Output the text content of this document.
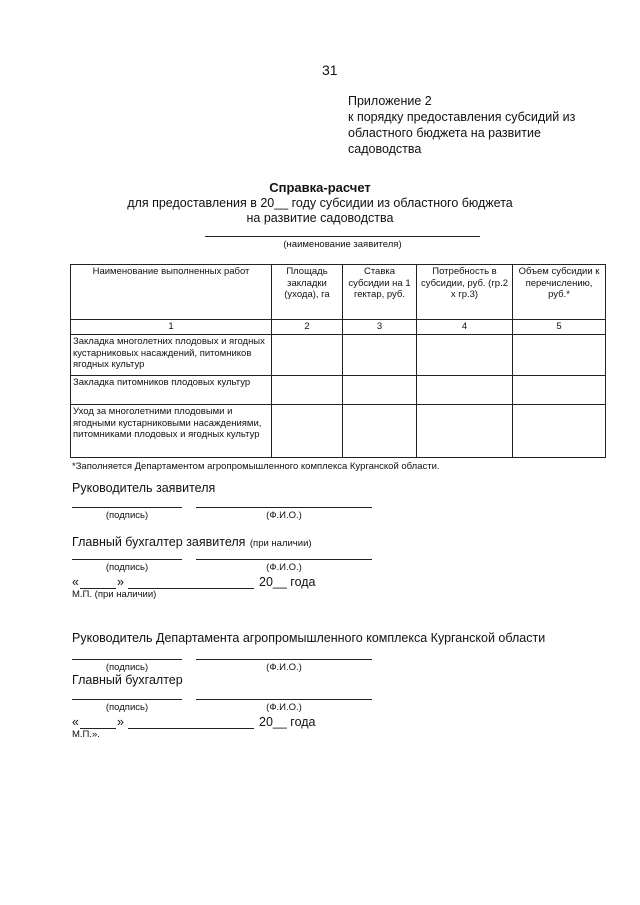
31
Приложение 2
к порядку предоставления субсидий из
областного бюджета на развитие
садоводства
Справка-расчет
для предоставления в 20__ году субсидии из областного бюджета
на развитие садоводства
(наименование заявителя)
Наименование выполненных работ	Площадь закладки (ухода), га	Ставка субсидии на 1 гектар, руб.	Потребность в субсидии, руб. (гр.2 х гр.3)	Объем субсидии к перечислению, руб.*
1	2	3	4	5
Закладка многолетних плодовых и ягодных кустарниковых насаждений, питомников ягодных культур				
Закладка питомников плодовых культур				
Уход за многолетними плодовыми и ягодными кустарниковыми насаждениями, питомниками плодовых и ягодных культур				
*Заполняется Департаментом агропромышленного комплекса Курганской области.
Руководитель заявителя
(подпись)	(Ф.И.О.)
Главный бухгалтер заявителя (при наличии)
(подпись)	(Ф.И.О.)
«	»	20__ года
М.П. (при наличии)
Руководитель Департамента агропромышленного комплекса Курганской области
(подпись)	(Ф.И.О.)
Главный бухгалтер
(подпись)	(Ф.И.О.)
«	»	20__ года
М.П.».
